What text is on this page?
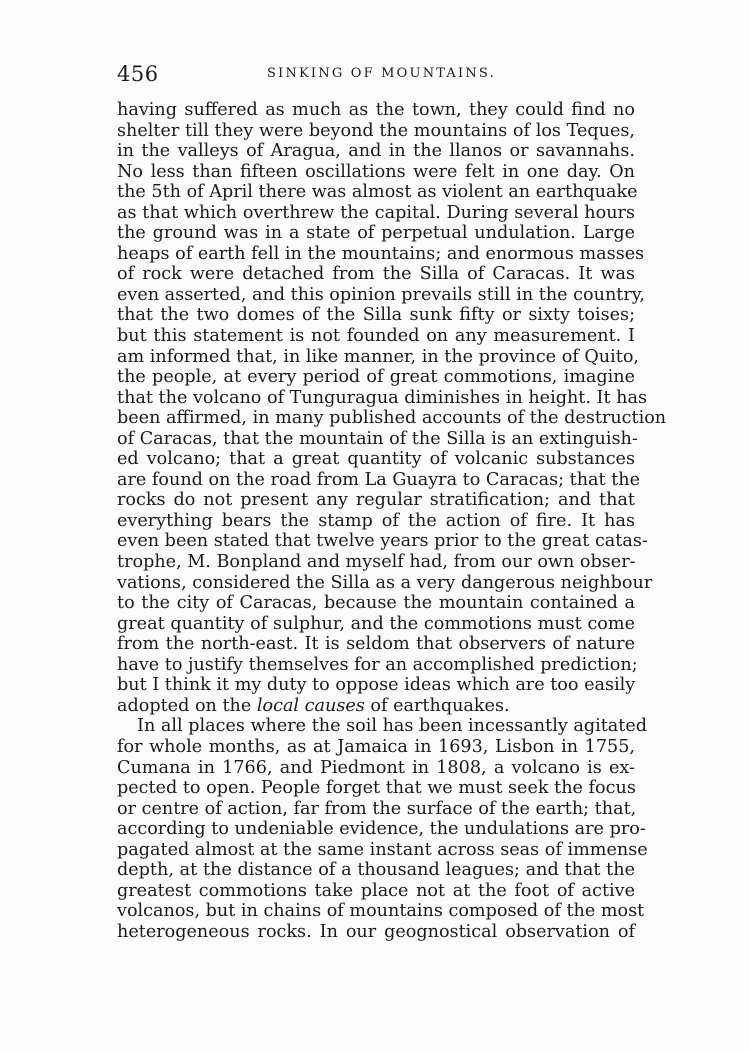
456	SINKING OF MOUNTAINS.
having suffered as much as the town, they could find no
shelter till they were beyond the mountains of los Teques,
in the valleys of Aragua, and in the llanos or savannahs.
No less than fifteen oscillations were felt in one day. On
the 5th of April there was almost as violent an earthquake
as that which overthrew the capital. During several hours
the ground was in a state of perpetual undulation. Large
heaps of earth fell in the mountains; and enormous masses
of rock were detached from the Silla of Caracas. It was
even asserted, and this opinion prevails still in the country,
that the two domes of the Silla sunk fifty or sixty toises;
but this statement is not founded on any measurement. I
am informed that, in like manner, in the province of Quito,
the people, at every period of great commotions, imagine
that the volcano of Tunguragua diminishes in height. It has
been affirmed, in many published accounts of the destruction
of Caracas, that the mountain of the Silla is an extinguish-
ed volcano; that a great quantity of volcanic substances
are found on the road from La Guayra to Caracas; that the
rocks do not present any regular stratification; and that
everything bears the stamp of the action of fire. It has
even been stated that twelve years prior to the great catas-
trophe, M. Bonpland and myself had, from our own obser-
vations, considered the Silla as a very dangerous neighbour
to the city of Caracas, because the mountain contained a
great quantity of sulphur, and the commotions must come
from the north-east. It is seldom that observers of nature
have to justify themselves for an accomplished prediction;
but I think it my duty to oppose ideas which are too easily
adopted on the local causes of earthquakes.
In all places where the soil has been incessantly agitated
for whole months, as at Jamaica in 1693, Lisbon in 1755,
Cumana in 1766, and Piedmont in 1808, a volcano is ex-
pected to open. People forget that we must seek the focus
or centre of action, far from the surface of the earth; that,
according to undeniable evidence, the undulations are pro-
pagated almost at the same instant across seas of immense
depth, at the distance of a thousand leagues; and that the
greatest commotions take place not at the foot of active
volcanos, but in chains of mountains composed of the most
heterogeneous rocks. In our geognostical observation of
